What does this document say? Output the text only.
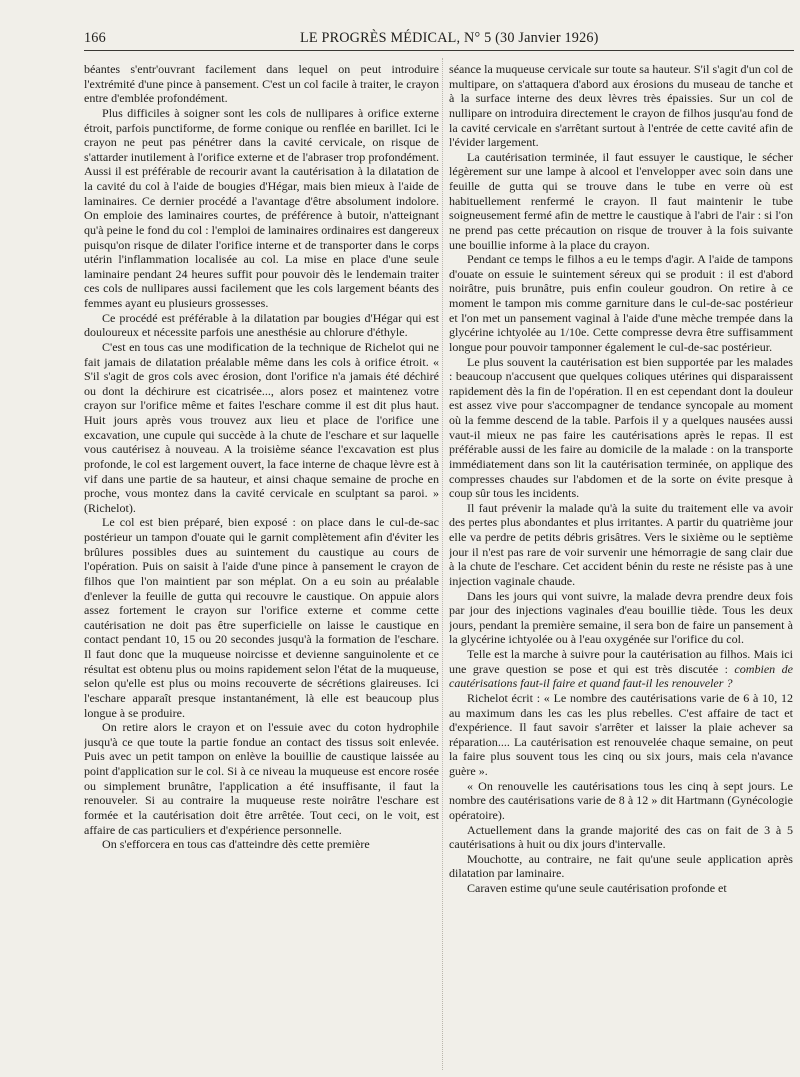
166	LE PROGRÈS MÉDICAL, N° 5 (30 Janvier 1926)

béantes s'entr'ouvrant facilement dans lequel on peut introduire l'extrémité d'une pince à pansement. C'est un col facile à traiter, le crayon entre d'emblée profondément.

Plus difficiles à soigner sont les cols de nullipares à orifice externe étroit, parfois punctiforme, de forme conique ou renflée en barillet. Ici le crayon ne peut pas pénétrer dans la cavité cervicale, on risque de s'attarder inutilement à l'orifice externe et de l'abraser trop profondément. Aussi il est préférable de recourir avant la cautérisation à la dilatation de la cavité du col à l'aide de bougies d'Hégar, mais bien mieux à l'aide de laminaires. Ce dernier procédé a l'avantage d'être absolument indolore. On emploie des laminaires courtes, de préférence à butoir, n'atteignant qu'à peine le fond du col : l'emploi de laminaires ordinaires est dangereux puisqu'on risque de dilater l'orifice interne et de transporter dans le corps utérin l'inflammation localisée au col. La mise en place d'une seule laminaire pendant 24 heures suffit pour pouvoir dès le lendemain traiter ces cols de nullipares aussi facilement que les cols largement béants des femmes ayant eu plusieurs grossesses.

Ce procédé est préférable à la dilatation par bougies d'Hégar qui est douloureux et nécessite parfois une anesthésie au chlorure d'éthyle.

C'est en tous cas une modification de la technique de Richelot qui ne fait jamais de dilatation préalable même dans les cols à orifice étroit. « S'il s'agit de gros cols avec érosion, dont l'orifice n'a jamais été déchiré ou dont la déchirure est cicatrisée..., alors posez et maintenez votre crayon sur l'orifice même et faites l'eschare comme il est dit plus haut. Huit jours après vous trouvez aux lieu et place de l'orifice une excavation, une cupule qui succède à la chute de l'eschare et sur laquelle vous cautérisez à nouveau. A la troisième séance l'excavation est plus profonde, le col est largement ouvert, la face interne de chaque lèvre est à vif dans une partie de sa hauteur, et ainsi chaque semaine de proche en proche, vous montez dans la cavité cervicale en sculptant sa paroi. » (Richelot).

Le col est bien préparé, bien exposé : on place dans le cul-de-sac postérieur un tampon d'ouate qui le garnit complètement afin d'éviter les brûlures possibles dues au suintement du caustique au cours de l'opération. Puis on saisit à l'aide d'une pince à pansement le crayon de filhos que l'on maintient par son méplat. On a eu soin au préalable d'enlever la feuille de gutta qui recouvre le caustique. On appuie alors assez fortement le crayon sur l'orifice externe et comme cette cautérisation ne doit pas être superficielle on laisse le caustique en contact pendant 10, 15 ou 20 secondes jusqu'à la formation de l'eschare. Il faut donc que la muqueuse noircisse et devienne sanguinolente et ce résultat est obtenu plus ou moins rapidement selon l'état de la muqueuse, selon qu'elle est plus ou moins recouverte de sécrétions glaireuses. Ici l'eschare apparaît presque instantanément, là elle est beaucoup plus longue à se produire.

On retire alors le crayon et on l'essuie avec du coton hydrophile jusqu'à ce que toute la partie fondue an contact des tissus soit enlevée. Puis avec un petit tampon on enlève la bouillie de caustique laissée au point d'application sur le col. Si à ce niveau la muqueuse est encore rosée ou simplement brunâtre, l'application a été insuffisante, il faut la renouveler. Si au contraire la muqueuse reste noirâtre l'eschare est formée et la cautérisation doit être arrêtée. Tout ceci, on le voit, est affaire de cas particuliers et d'expérience personnelle.

On s'efforcera en tous cas d'atteindre dès cette première

séance la muqueuse cervicale sur toute sa hauteur. S'il s'agit d'un col de multipare, on s'attaquera d'abord aux érosions du museau de tanche et à la surface interne des deux lèvres très épaissies. Sur un col de nullipare on introduira directement le crayon de filhos jusqu'au fond de la cavité cervicale en s'arrêtant surtout à l'entrée de cette cavité afin de l'évider largement.

La cautérisation terminée, il faut essuyer le caustique, le sécher légèrement sur une lampe à alcool et l'envelopper avec soin dans une feuille de gutta qui se trouve dans le tube en verre où est habituellement renfermé le crayon. Il faut maintenir le tube soigneusement fermé afin de mettre le caustique à l'abri de l'air : si l'on ne prend pas cette précaution on risque de trouver à la fois suivante une bouillie informe à la place du crayon.

Pendant ce temps le filhos a eu le temps d'agir. A l'aide de tampons d'ouate on essuie le suintement séreux qui se produit : il est d'abord noirâtre, puis brunâtre, puis enfin couleur goudron. On retire à ce moment le tampon mis comme garniture dans le cul-de-sac postérieur et l'on met un pansement vaginal à l'aide d'une mèche trempée dans la glycérine ichtyolée au 1/10e. Cette compresse devra être suffisamment longue pour pouvoir tamponner également le cul-de-sac postérieur.

Le plus souvent la cautérisation est bien supportée par les malades : beaucoup n'accusent que quelques coliques utérines qui disparaissent rapidement dès la fin de l'opération. Il en est cependant dont la douleur est assez vive pour s'accompagner de tendance syncopale au moment où la femme descend de la table. Parfois il y a quelques nausées aussi vaut-il mieux ne pas faire les cautérisations après le repas. Il est préférable aussi de les faire au domicile de la malade : on la transporte immédiatement dans son lit la cautérisation terminée, on applique des compresses chaudes sur l'abdomen et de la sorte on évite presque à coup sûr tous les incidents.

Il faut prévenir la malade qu'à la suite du traitement elle va avoir des pertes plus abondantes et plus irritantes. A partir du quatrième jour elle va perdre de petits débris grisâtres. Vers le sixième ou le septième jour il n'est pas rare de voir survenir une hémorragie de sang clair due à la chute de l'eschare. Cet accident bénin du reste ne résiste pas à une injection vaginale chaude.

Dans les jours qui vont suivre, la malade devra prendre deux fois par jour des injections vaginales d'eau bouillie tiède. Tous les deux jours, pendant la première semaine, il sera bon de faire un pansement à la glycérine ichtyolée ou à l'eau oxygénée sur l'orifice du col.

Telle est la marche à suivre pour la cautérisation au filhos. Mais ici une grave question se pose et qui est très discutée : combien de cautérisations faut-il faire et quand faut-il les renouveler ?

Richelot écrit : « Le nombre des cautérisations varie de 6 à 10, 12 au maximum dans les cas les plus rebelles. C'est affaire de tact et d'expérience. Il faut savoir s'arrêter et laisser la plaie achever sa réparation.... La cautérisation est renouvelée chaque semaine, on peut la faire plus souvent tous les cinq ou six jours, mais cela n'avance guère ».

« On renouvelle les cautérisations tous les cinq à sept jours. Le nombre des cautérisations varie de 8 à 12 » dit Hartmann (Gynécologie opératoire).

Actuellement dans la grande majorité des cas on fait de 3 à 5 cautérisations à huit ou dix jours d'intervalle.

Mouchotte, au contraire, ne fait qu'une seule application après dilatation par laminaire.

Caraven estime qu'une seule cautérisation profonde et
